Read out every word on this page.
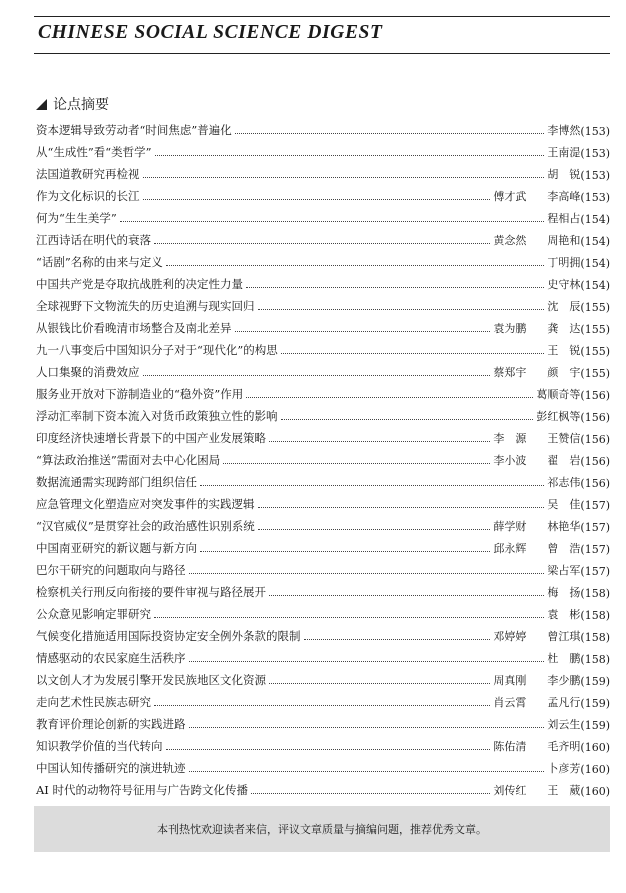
CHINESE SOCIAL SCIENCE DIGEST
论点摘要
资本逻辑导致劳动者“时间焦虑”普遍化	李博然 (153)
从“生成性”看“类哲学”	王南湜 (153)
法国道教研究再检视	胡　锐 (153)
作为文化标识的长江	傅才武	李高峰 (153)
何为“生生美学”	程相占 (154)
江西诗话在明代的衰落	黄念然	周艳和 (154)
“话剧”名称的由来与定义	丁明拥 (154)
中国共产党是夺取抗战胜利的决定性力量	史守林 (154)
全球视野下文物流失的历史追溯与现实回归	沈　辰 (155)
从银钱比价看晚清市场整合及南北差异	袁为鹏	龚　达 (155)
九一八事变后中国知识分子对于“现代化”的构思	王　锐 (155)
人口集聚的消费效应	蔡郑宇	颜　宇 (155)
服务业开放对下游制造业的“稳外资”作用	葛顺奇等 (156)
浮动汇率制下资本流入对货币政策独立性的影响	彭红枫等 (156)
印度经济快速增长背景下的中国产业发展策略	李　源	王赞信 (156)
“算法政治推送”需面对去中心化困局	李小波	翟　岩 (156)
数据流通需实现跨部门组织信任	祁志伟 (156)
应急管理文化塑造应对突发事件的实践逻辑	吴　佳 (157)
“汉官威仪”是贯穿社会的政治感性识别系统	薛学财	林艳华 (157)
中国南亚研究的新议题与新方向	邱永辉	曾　浩 (157)
巴尔干研究的问题取向与路径	梁占军 (157)
检察机关行刑反向衔接的要件审视与路径展开	梅　扬 (158)
公众意见影响定罪研究	袁　彬 (158)
气候变化措施适用国际投资协定安全例外条款的限制	邓婷婷	曾江琪 (158)
情感驱动的农民家庭生活秩序	杜　鹏 (158)
以文创人才为发展引擎开发民族地区文化资源	周真刚	李少鹏 (159)
走向艺术性民族志研究	肖云霄	孟凡行 (159)
教育评价理论创新的实践进路	刘云生 (159)
知识教学价值的当代转向	陈佑清	毛齐明 (160)
中国认知传播研究的演进轨迹	卜彦芳 (160)
AI 时代的动物符号征用与广告跨文化传播	刘传红	王　葳 (160)
本刊热忱欢迎读者来信，评议文章质量与摘编问题，推荐优秀文章。
